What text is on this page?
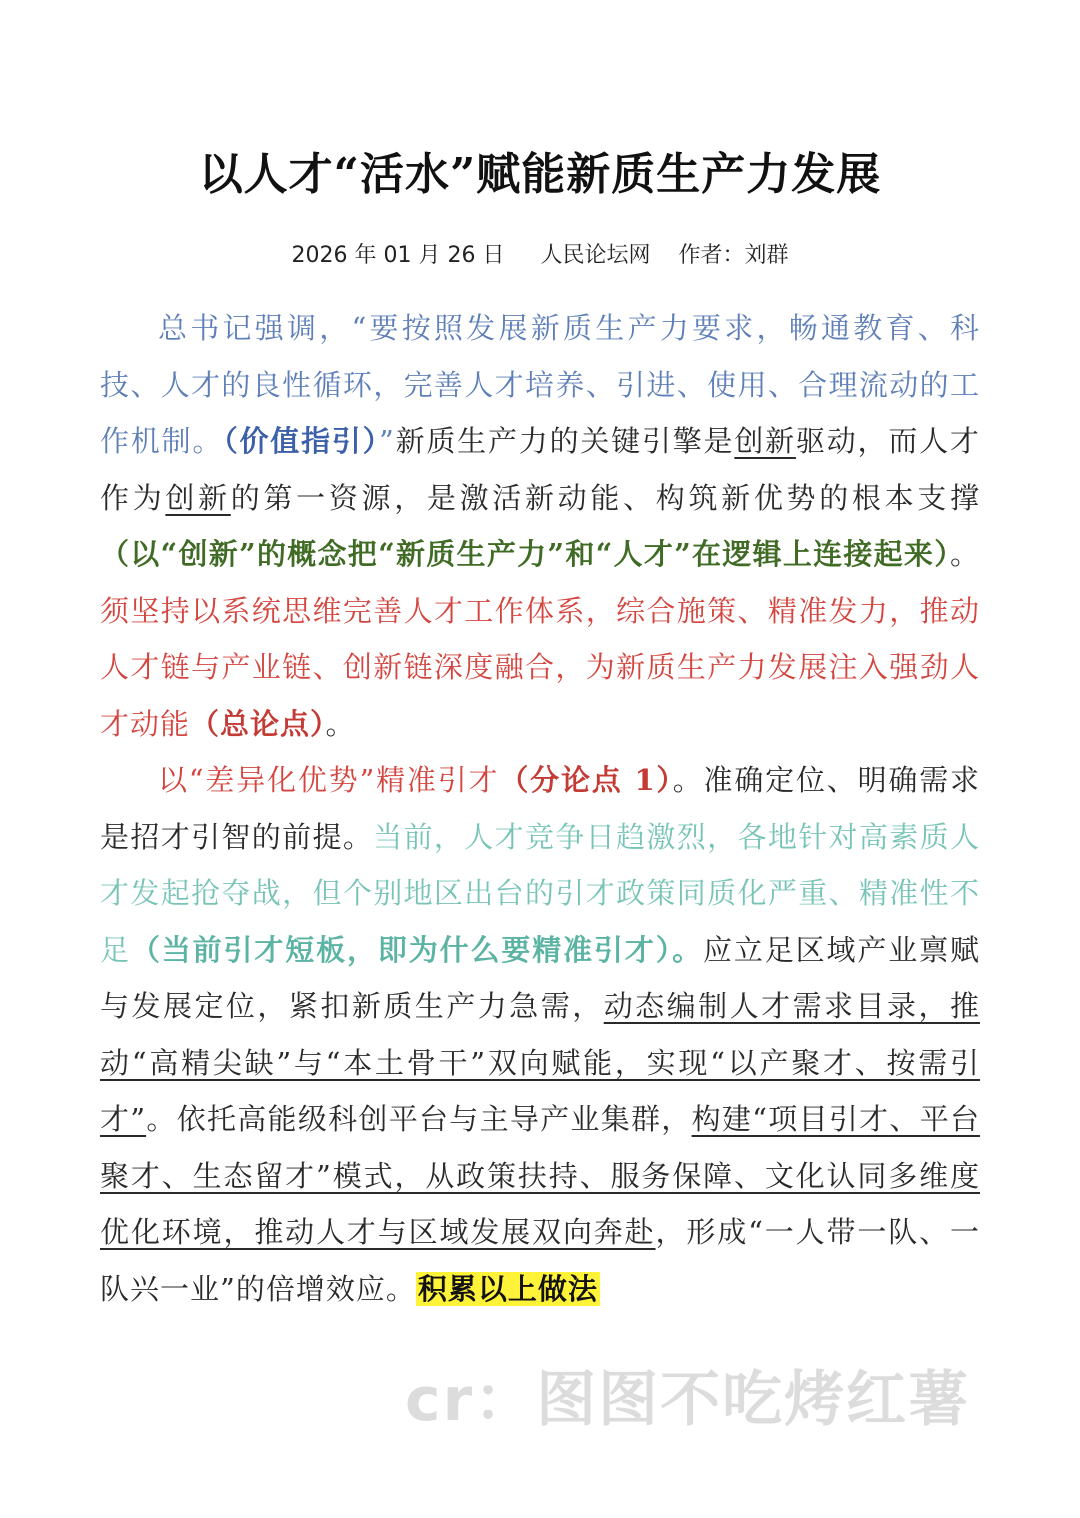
以人才“活水”赋能新质生产力发展
2026 年 01 月 26 日 人民论坛网 作者：刘群

总书记强调，“要按照发展新质生产力要求，畅通教育、科技、人才的良性循环，完善人才培养、引进、使用、合理流动的工作机制。（价值指引）”新质生产力的关键引擎是创新驱动，而人才作为创新的第一资源，是激活新动能、构筑新优势的根本支撑（以“创新”的概念把“新质生产力”和“人才”在逻辑上连接起来）。须坚持以系统思维完善人才工作体系，综合施策、精准发力，推动人才链与产业链、创新链深度融合，为新质生产力发展注入强劲人才动能（总论点）。

以“差异化优势”精准引才（分论点 1）。准确定位、明确需求是招才引智的前提。当前，人才竞争日趋激烈，各地针对高素质人才发起抢夺战，但个别地区出台的引才政策同质化严重、精准性不足（当前引才短板，即为什么要精准引才）。应立足区域产业禀赋与发展定位，紧扣新质生产力急需，动态编制人才需求目录，推动“高精尖缺”与“本土骨干”双向赋能，实现“以产聚才、按需引才”。依托高能级科创平台与主导产业集群，构建“项目引才、平台聚才、生态留才”模式，从政策扶持、服务保障、文化认同多维度优化环境，推动人才与区域发展双向奔赴，形成“一人带一队、一队兴一业”的倍增效应。积累以上做法

cr：图图不吃烤红薯
